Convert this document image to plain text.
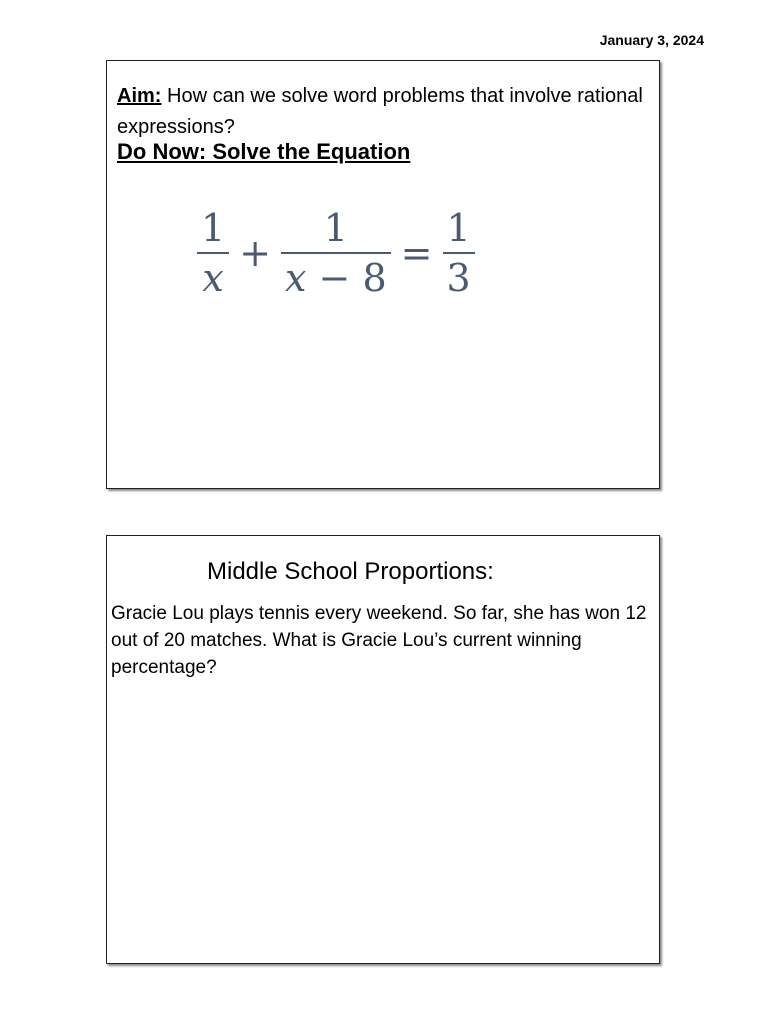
January 3, 2024
Aim: How can we solve word problems that involve rational expressions?
Do Now: Solve the Equation
$\frac{1}{x} + \frac{1}{x - 8} = \frac{1}{3}$
Middle School Proportions:
Gracie Lou plays tennis every weekend. So far, she has won 12 out of 20 matches. What is Gracie Lou’s current winning percentage?
